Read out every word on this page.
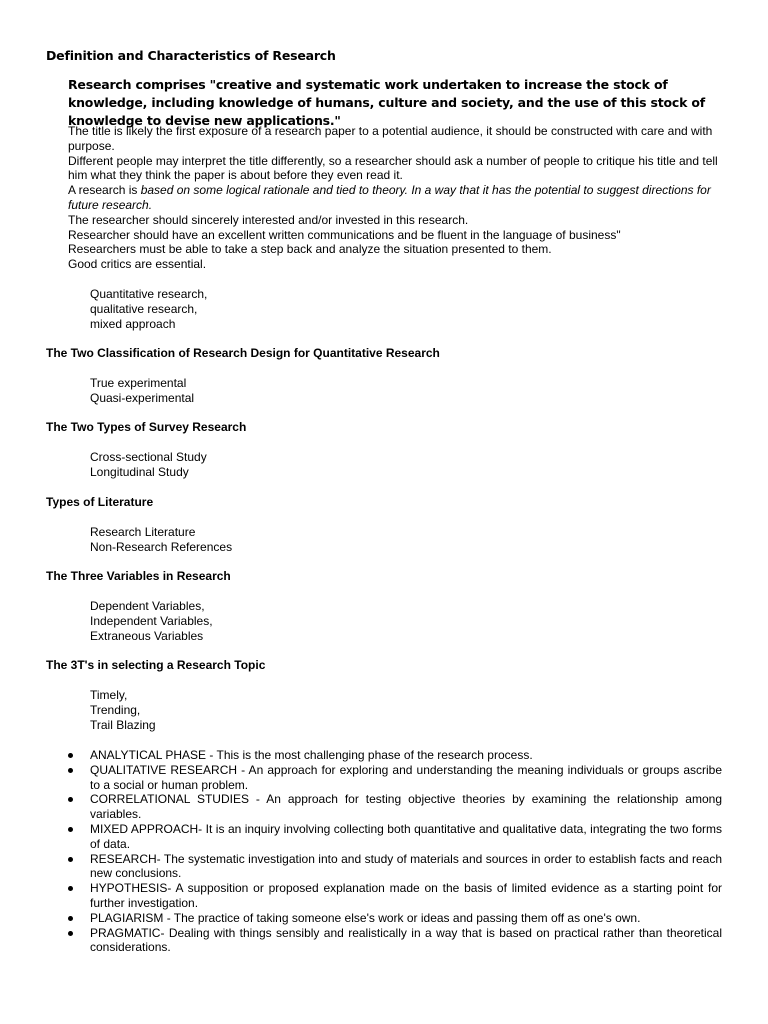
Definition and Characteristics of Research
Research comprises "creative and systematic work undertaken to increase the stock of knowledge, including knowledge of humans, culture and society, and the use of this stock of knowledge to devise new applications."
The title is likely the first exposure of a research paper to a potential audience, it should be constructed with care and with purpose.
Different people may interpret the title differently, so a researcher should ask a number of people to critique his title and tell him what they think the paper is about before they even read it.
A research is based on some logical rationale and tied to theory. In a way that it has the potential to suggest directions for future research.
The researcher should sincerely interested and/or invested in this research.
Researcher should have an excellent written communications and be fluent in the language of business"
Researchers must be able to take a step back and analyze the situation presented to them.
Good critics are essential.
Quantitative research,
qualitative research,
mixed approach
The Two Classification of Research Design for Quantitative Research
True experimental
Quasi-experimental
The Two Types of Survey Research
Cross-sectional Study
Longitudinal Study
Types of Literature
Research Literature
Non-Research References
The Three Variables in Research
Dependent Variables,
Independent Variables,
Extraneous Variables
The 3T's in selecting a Research Topic
Timely,
Trending,
Trail Blazing
ANALYTICAL PHASE - This is the most challenging phase of the research process.
QUALITATIVE RESEARCH - An approach for exploring and understanding the meaning individuals or groups ascribe to a social or human problem.
CORRELATIONAL STUDIES - An approach for testing objective theories by examining the relationship among variables.
MIXED APPROACH- It is an inquiry involving collecting both quantitative and qualitative data, integrating the two forms of data.
RESEARCH- The systematic investigation into and study of materials and sources in order to establish facts and reach new conclusions.
HYPOTHESIS- A supposition or proposed explanation made on the basis of limited evidence as a starting point for further investigation.
PLAGIARISM - The practice of taking someone else's work or ideas and passing them off as one's own.
PRAGMATIC- Dealing with things sensibly and realistically in a way that is based on practical rather than theoretical considerations.
